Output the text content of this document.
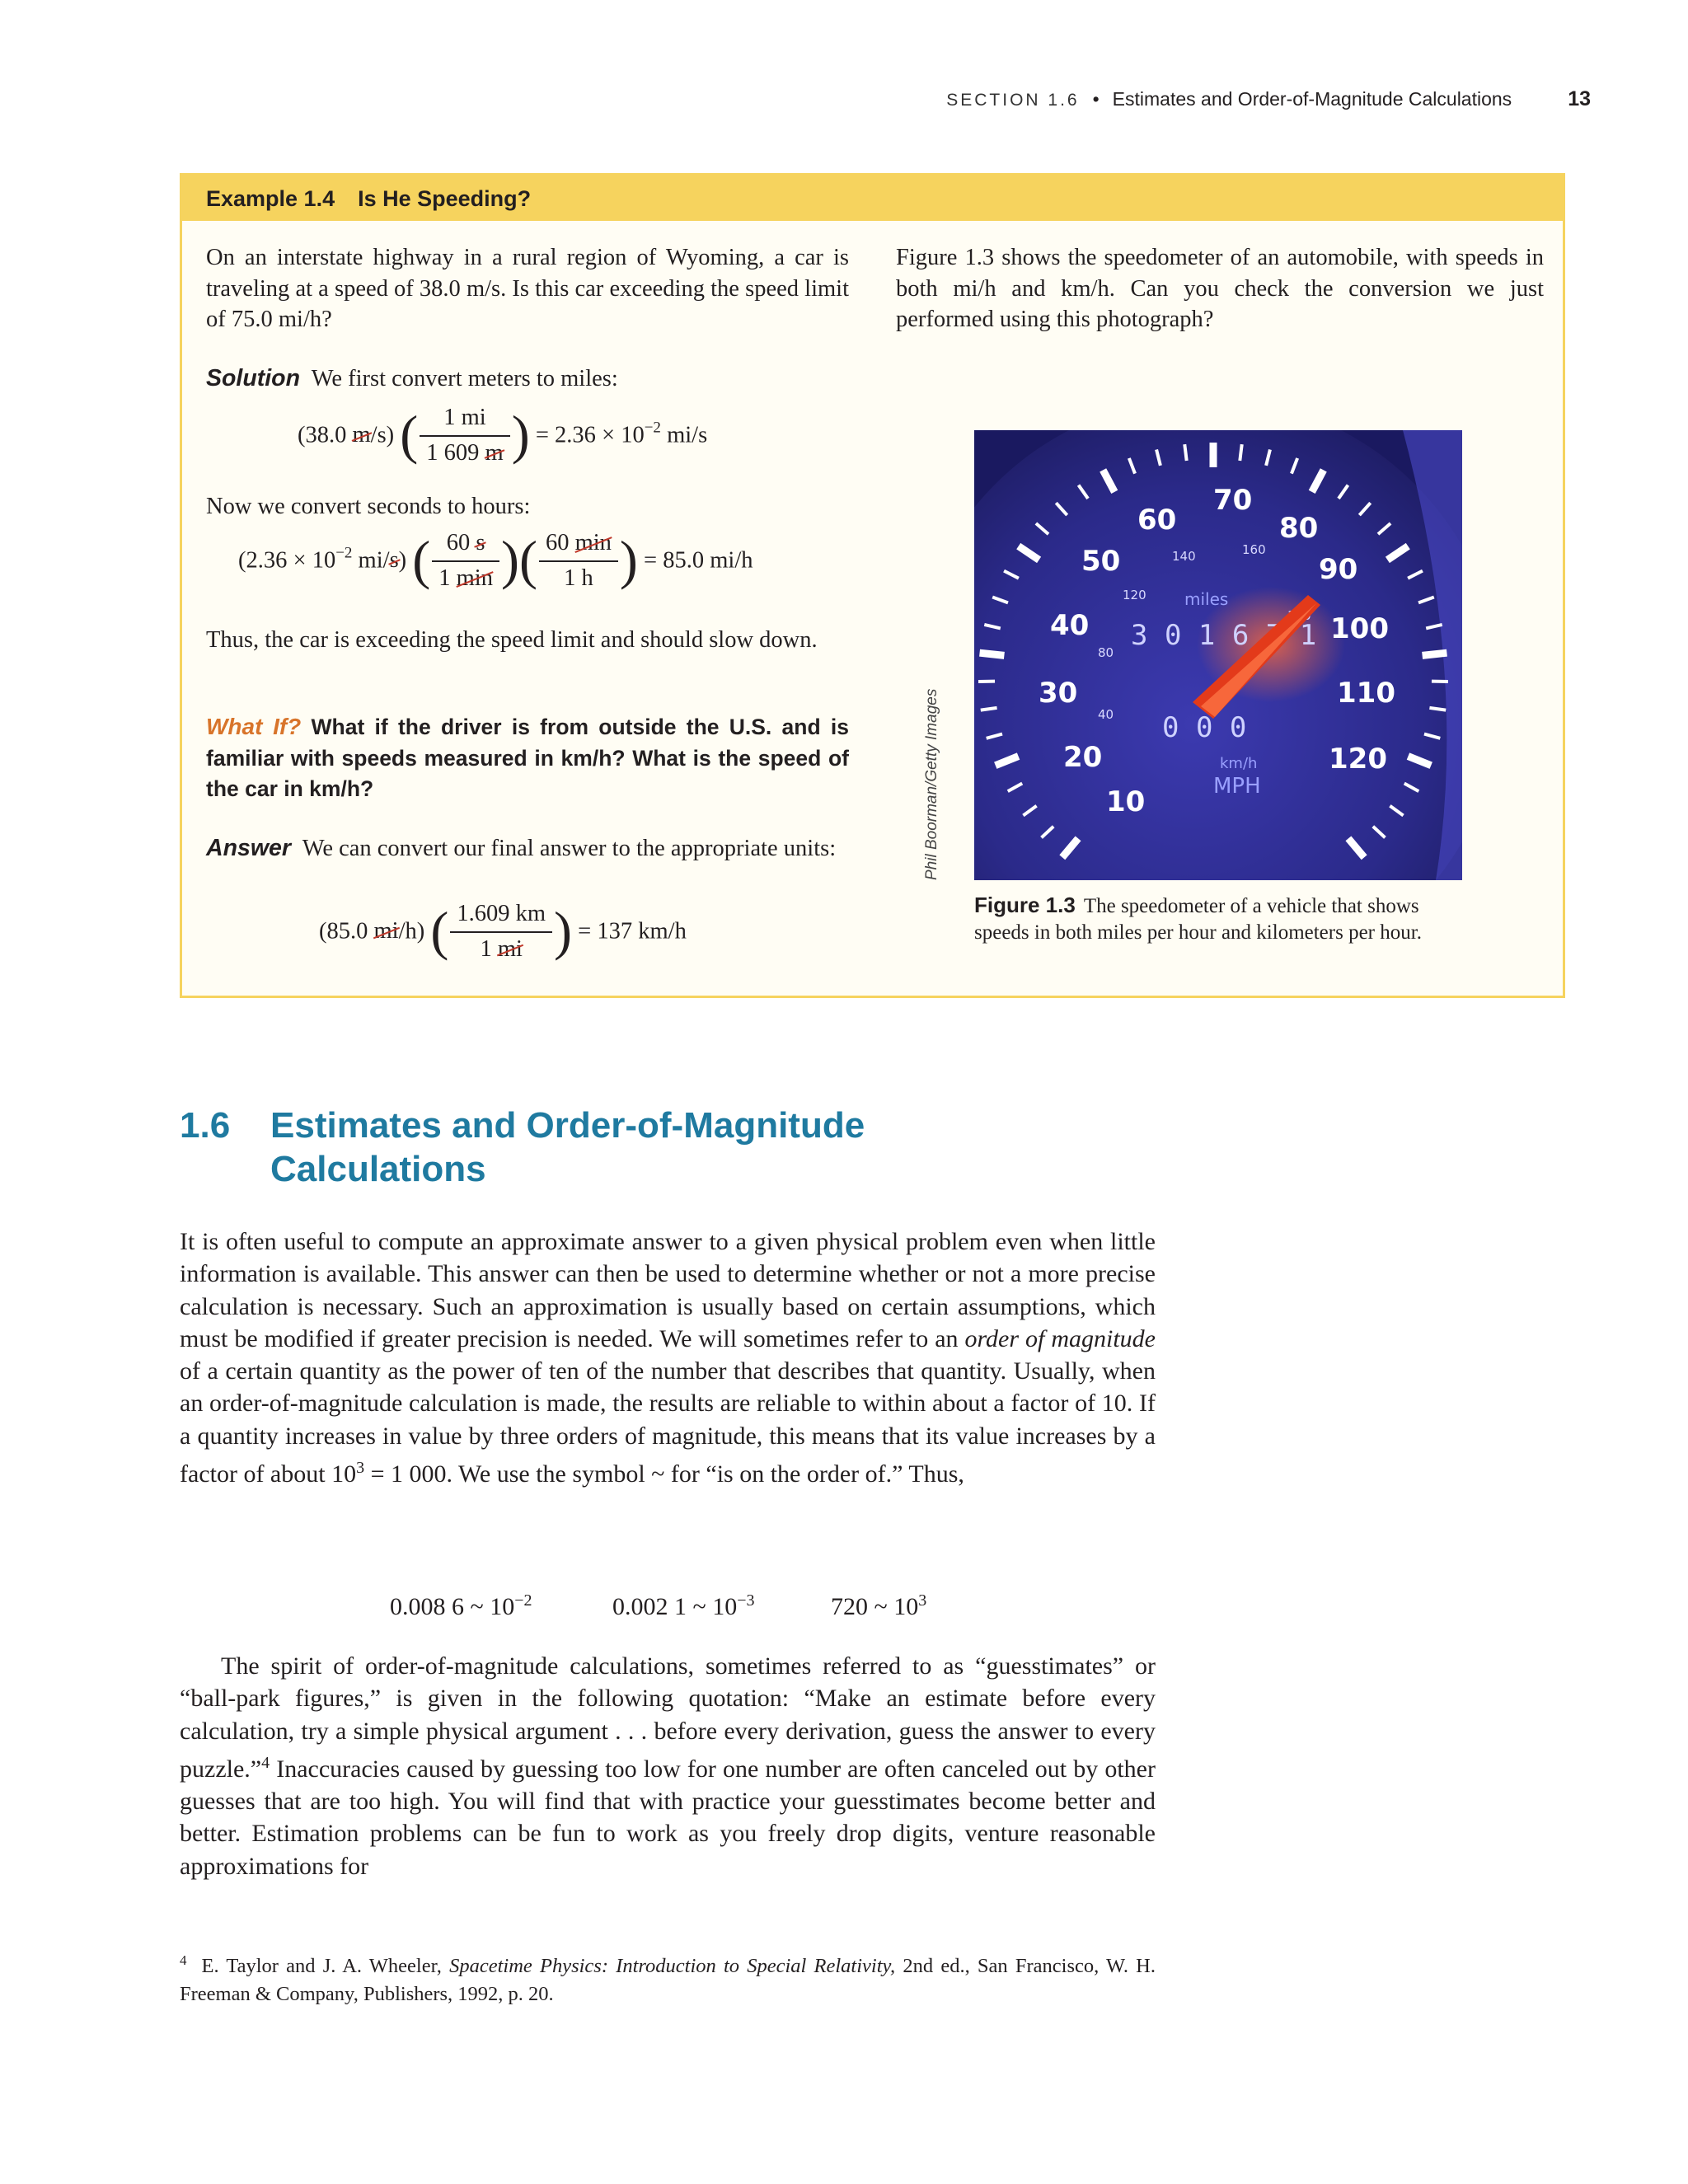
SECTION 1.6 • Estimates and Order-of-Magnitude Calculations	13
Example 1.4 Is He Speeding?
On an interstate highway in a rural region of Wyoming, a car is traveling at a speed of 38.0 m/s. Is this car exceeding the speed limit of 75.0 mi/h?
Figure 1.3 shows the speedometer of an automobile, with speeds in both mi/h and km/h. Can you check the conversion we just performed using this photograph?
Solution We first convert meters to miles:
(38.0 m/s) ( $\frac{1 mi}{1 609 m}$ ) = $2.36 \times 10^{-2}$ mi/s
Now we convert seconds to hours:
($2.36 \times 10^{-2}$ mi/s) ( $\frac{60 s}{1 \min}$ )( $\frac{60 \min}{1 h}$ ) = 85.0 mi/h
Thus, the car is exceeding the speed limit and should slow down.
What If? What if the driver is from outside the U.S. and is familiar with speeds measured in km/h? What is the speed of the car in km/h?
Answer We can convert our final answer to the appropriate units:
(85.0 mi/h) ( $\frac{1.609 km}{1 mi}$ ) = 137 km/h
60
70
80
90
100
110
120
50
40
30
20
10
140	160
120
80
40
miles
3 0 1 6 7 1
0 0 0
km/h
MPH
Phil Boorman/Getty Images
Figure 1.3 The speedometer of a vehicle that shows speeds in both miles per hour and kilometers per hour.
1.6 Estimates and Order-of-Magnitude Calculations
It is often useful to compute an approximate answer to a given physical problem even when little information is available. This answer can then be used to determine whether or not a more precise calculation is necessary. Such an approximation is usually based on certain assumptions, which must be modified if greater precision is needed. We will sometimes refer to an order of magnitude of a certain quantity as the power of ten of the number that describes that quantity. Usually, when an order-of-magnitude calculation is made, the results are reliable to within about a factor of 10. If a quantity increases in value by three orders of magnitude, this means that its value increases by a factor of about $10^3 = 1$ 000. We use the symbol ~ for “is on the order of.” Thus,
0.008 6 ~ $10^{-2}$	0.002 1 ~ $10^{-3}$	720 ~ $10^3$
The spirit of order-of-magnitude calculations, sometimes referred to as “guesstimates” or “ball-park figures,” is given in the following quotation: “Make an estimate before every calculation, try a simple physical argument . . . before every derivation, guess the answer to every puzzle.”$^4$ Inaccuracies caused by guessing too low for one number are often canceled out by other guesses that are too high. You will find that with practice your guesstimates become better and better. Estimation problems can be fun to work as you freely drop digits, venture reasonable approximations for
$^4$ E. Taylor and J. A. Wheeler, Spacetime Physics: Introduction to Special Relativity, 2nd ed., San Francisco, W. H. Freeman & Company, Publishers, 1992, p. 20.
